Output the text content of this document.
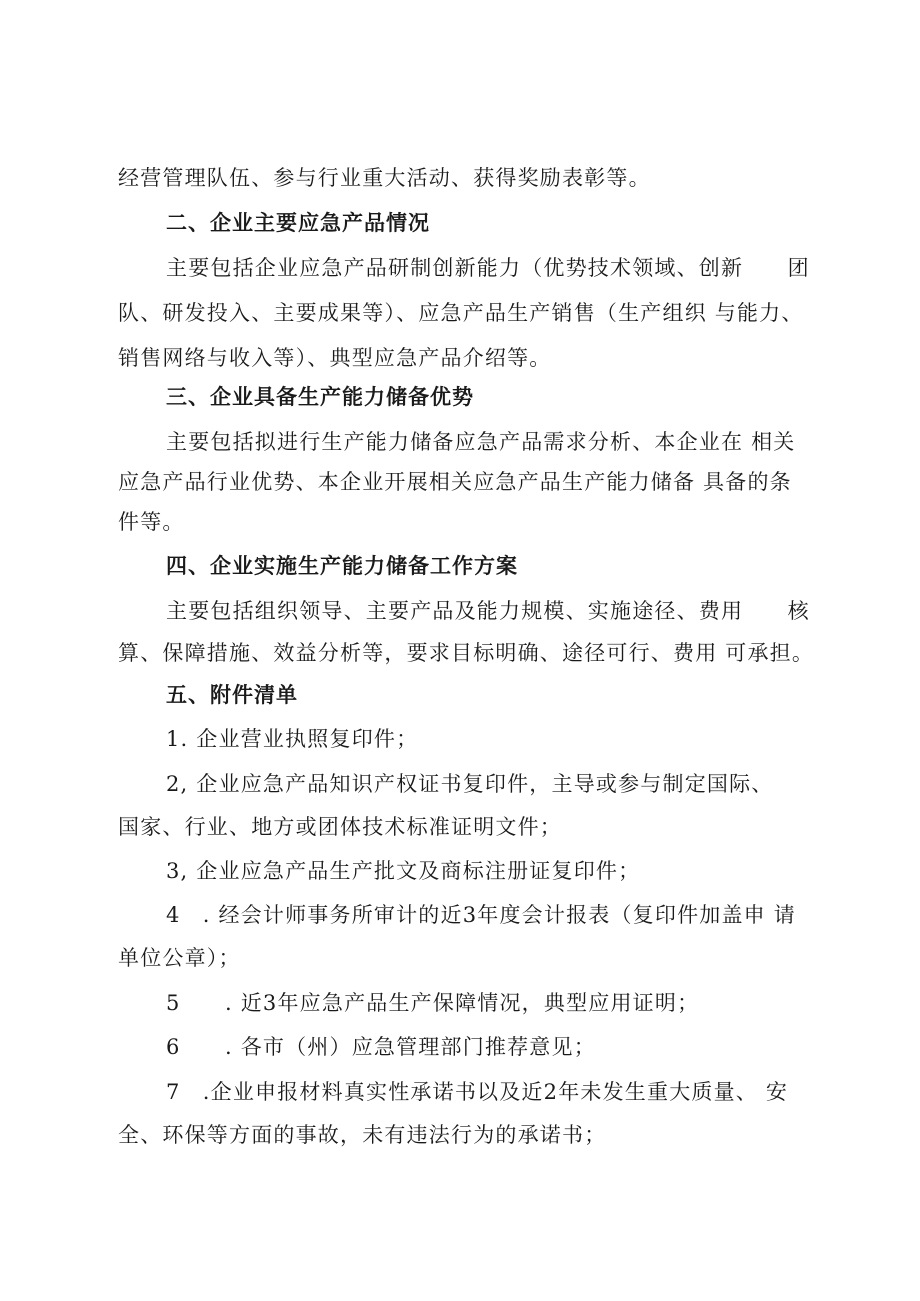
经营管理队伍、参与行业重大活动、获得奖励表彰等。
二、企业主要应急产品情况
主要包括企业应急产品研制创新能力（优势技术领域、创新　　团
队、研发投入、主要成果等）、应急产品生产销售（生产组织 与能力、
销售网络与收入等）、典型应急产品介绍等。
三、企业具备生产能力储备优势
主要包括拟进行生产能力储备应急产品需求分析、本企业在 相关
应急产品行业优势、本企业开展相关应急产品生产能力储备 具备的条
件等。
四、企业实施生产能力储备工作方案
主要包括组织领导、主要产品及能力规模、实施途径、费用　　核
算、保障措施、效益分析等，要求目标明确、途径可行、费用 可承担。
五、附件清单
1. 企业营业执照复印件；
2, 企业应急产品知识产权证书复印件，主导或参与制定国际、
国家、行业、地方或团体技术标准证明文件；
3, 企业应急产品生产批文及商标注册证复印件；
4　. 经会计师事务所审计的近3年度会计报表（复印件加盖申 请
单位公章）；
5　　. 近3年应急产品生产保障情况，典型应用证明；
6　　. 各市（州）应急管理部门推荐意见；
7　.企业申报材料真实性承诺书以及近2年未发生重大质量、 安
全、环保等方面的事故，未有违法行为的承诺书；
